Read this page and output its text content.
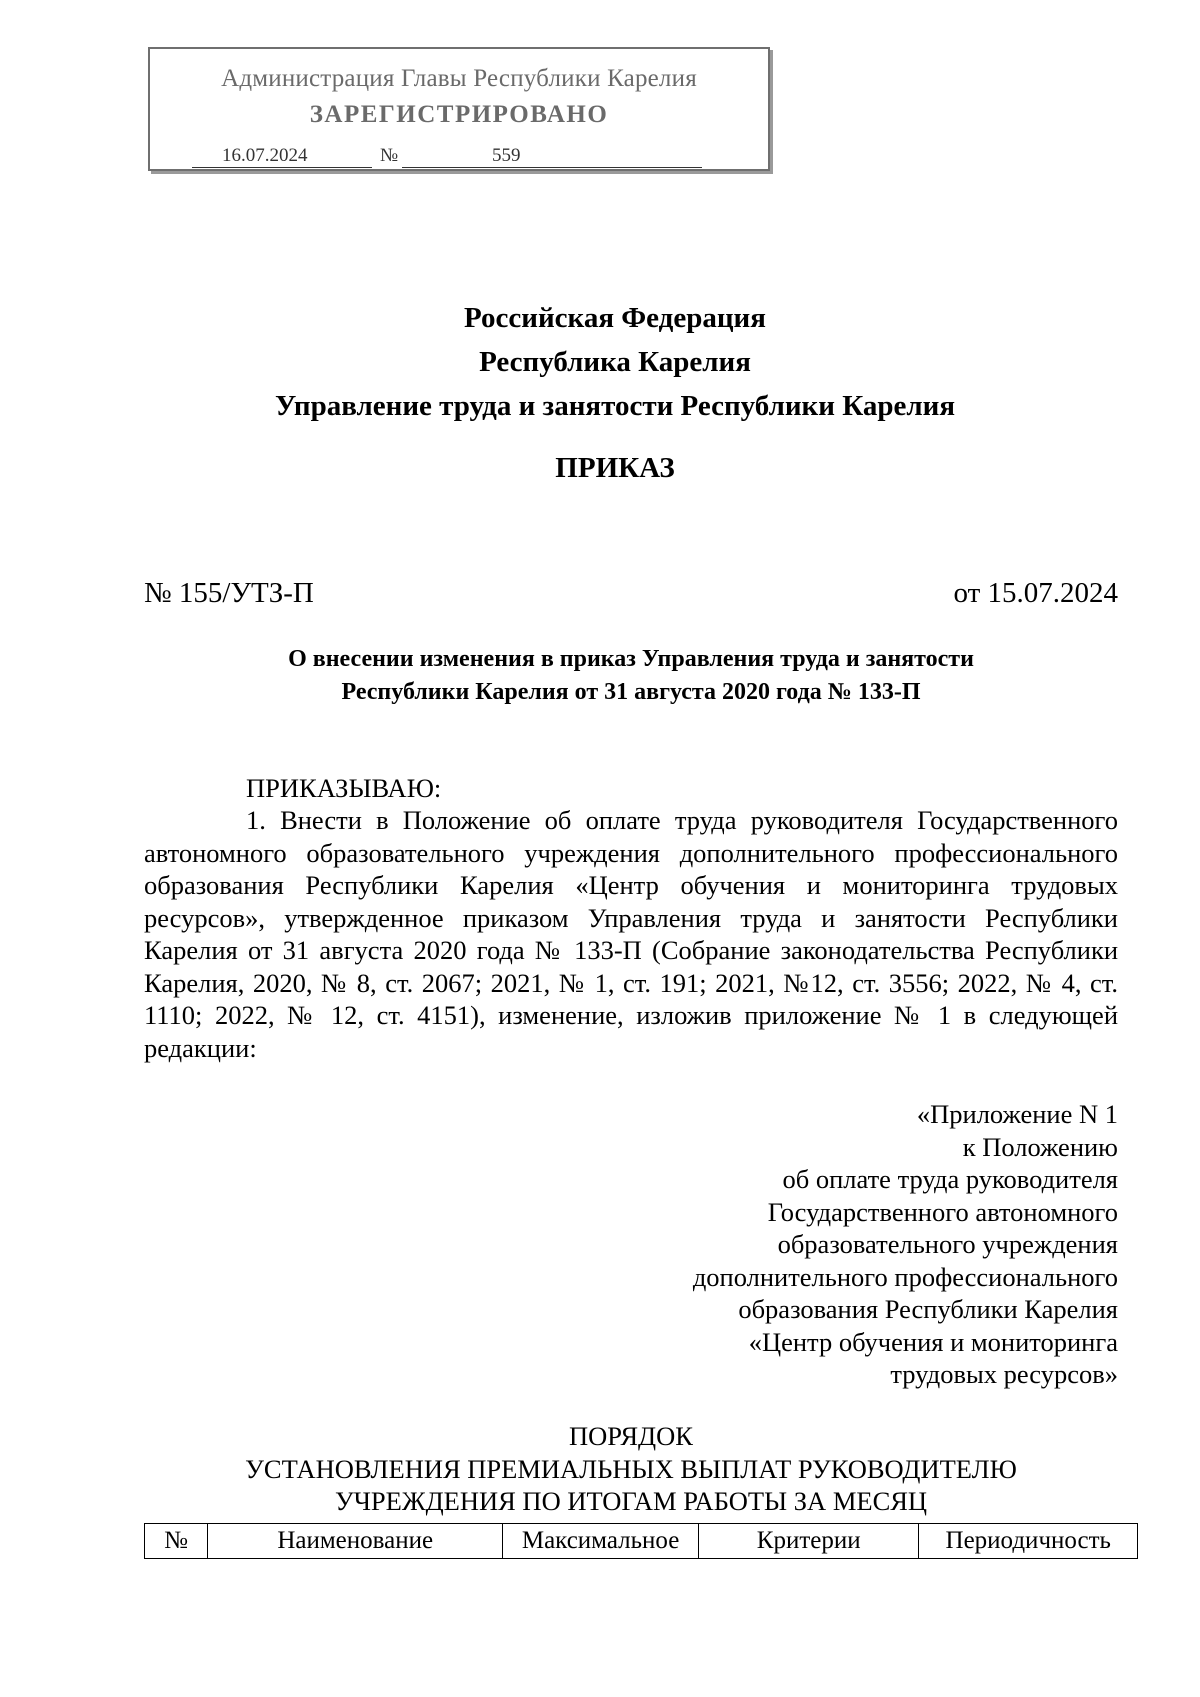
Администрация Главы Республики Карелия
ЗАРЕГИСТРИРОВАНО
16.07.2024	№	559
Российская Федерация
Республика Карелия
Управление труда и занятости Республики Карелия
ПРИКАЗ
№ 155/УТЗ-П	от 15.07.2024
О внесении изменения в приказ Управления труда и занятости
Республики Карелия от 31 августа 2020 года № 133-П
ПРИКАЗЫВАЮ:
1. Внести в Положение об оплате труда руководителя Государственного автономного образовательного учреждения дополнительного профессионального образования Республики Карелия «Центр обучения и мониторинга трудовых ресурсов», утвержденное приказом Управления труда и занятости Республики Карелия от 31 августа 2020 года № 133-П (Собрание законодательства Республики Карелия, 2020, № 8, ст. 2067; 2021, № 1, ст. 191; 2021, №12, ст. 3556; 2022, № 4, ст. 1110; 2022, № 12, ст. 4151), изменение, изложив приложение № 1 в следующей редакции:
«Приложение N 1
к Положению
об оплате труда руководителя
Государственного автономного
образовательного учреждения
дополнительного профессионального
образования Республики Карелия
«Центр обучения и мониторинга
трудовых ресурсов»
ПОРЯДОК
УСТАНОВЛЕНИЯ ПРЕМИАЛЬНЫХ ВЫПЛАТ РУКОВОДИТЕЛЮ
УЧРЕЖДЕНИЯ ПО ИТОГАМ РАБОТЫ ЗА МЕСЯЦ
№	Наименование	Максимальное	Критерии	Периодичность
